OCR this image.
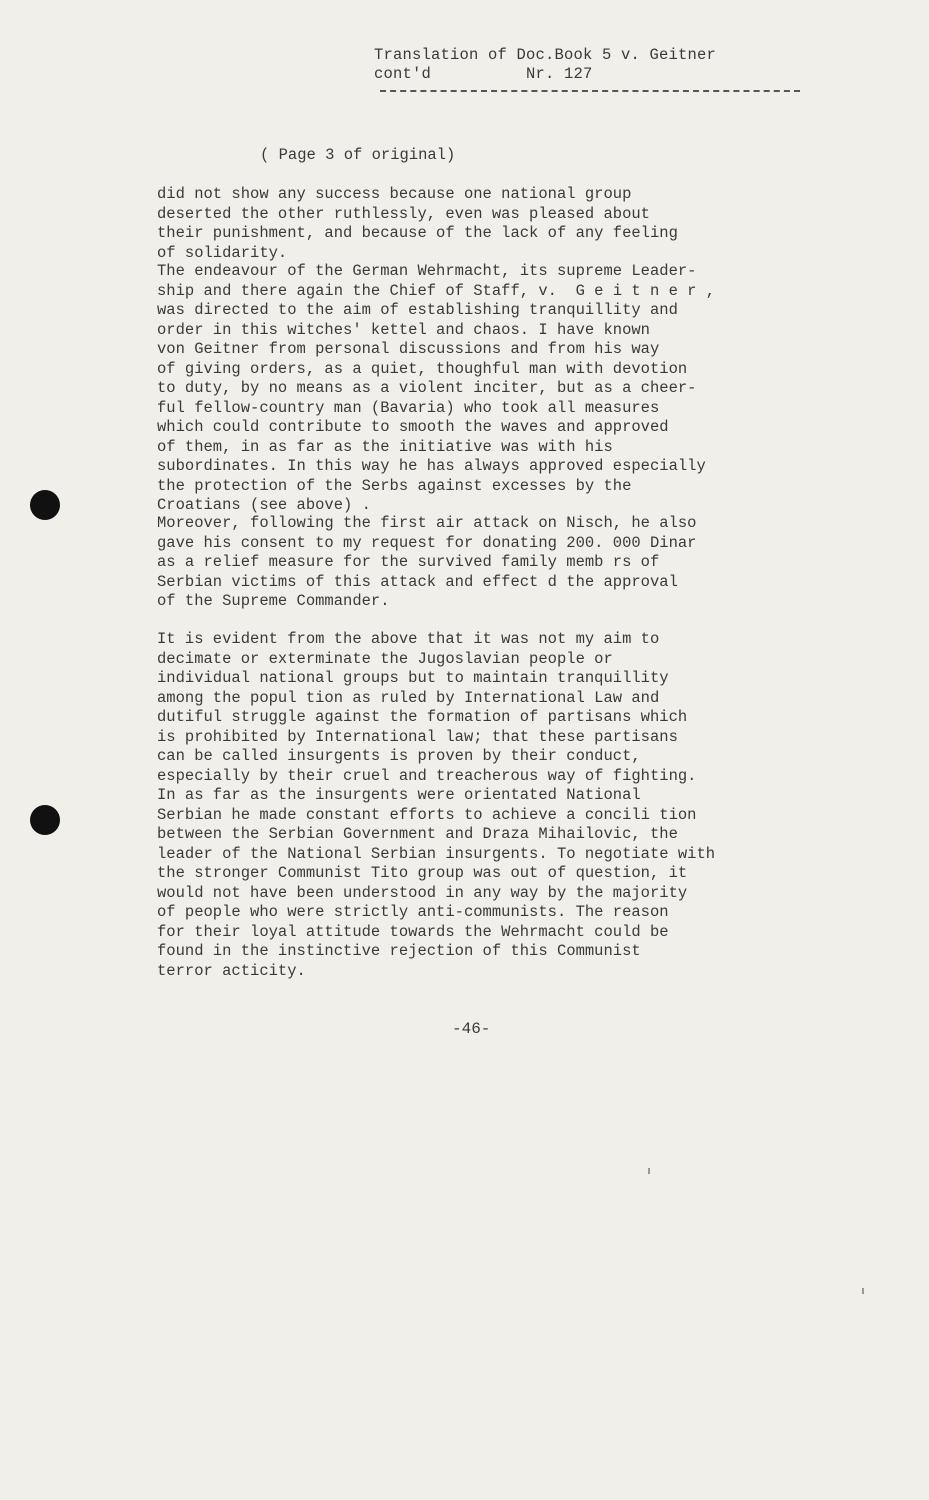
Translation of Doc.Book 5 v. Geitner
cont'd          Nr. 127
( Page 3 of original)
did not show any success because one national group
deserted the other ruthlessly, even was pleased about
their punishment, and because of the lack of any feeling
of solidarity.
The endeavour of the German Wehrmacht, its supreme Leader-
ship and there again the Chief of Staff, v.  G e i t n e r ,
was directed to the aim of establishing tranquillity and
order in this witches' kettel and chaos. I have known
von Geitner from personal discussions and from his way
of giving orders, as a quiet, thoughful man with devotion
to duty, by no means as a violent inciter, but as a cheer-
ful fellow-country man (Bavaria) who took all measures
which could contribute to smooth the waves and approved
of them, in as far as the initiative was with his
subordinates. In this way he has always approved especially
the protection of the Serbs against excesses by the
Croatians (see above) .
Moreover, following the first air attack on Nisch, he also
gave his consent to my request for donating 200. 000 Dinar
as a relief measure for the survived family memb rs of
Serbian victims of this attack and effect d the approval
of the Supreme Commander.
It is evident from the above that it was not my aim to
decimate or exterminate the Jugoslavian people or
individual national groups but to maintain tranquillity
among the popul tion as ruled by International Law and
dutiful struggle against the formation of partisans which
is prohibited by International law; that these partisans
can be called insurgents is proven by their conduct,
especially by their cruel and treacherous way of fighting.
In as far as the insurgents were orientated National
Serbian he made constant efforts to achieve a concili tion
between the Serbian Government and Draza Mihailovic, the
leader of the National Serbian insurgents. To negotiate with
the stronger Communist Tito group was out of question, it
would not have been understood in any way by the majority
of people who were strictly anti-communists. The reason
for their loyal attitude towards the Wehrmacht could be
found in the instinctive rejection of this Communist
terror acticity.
-46-
